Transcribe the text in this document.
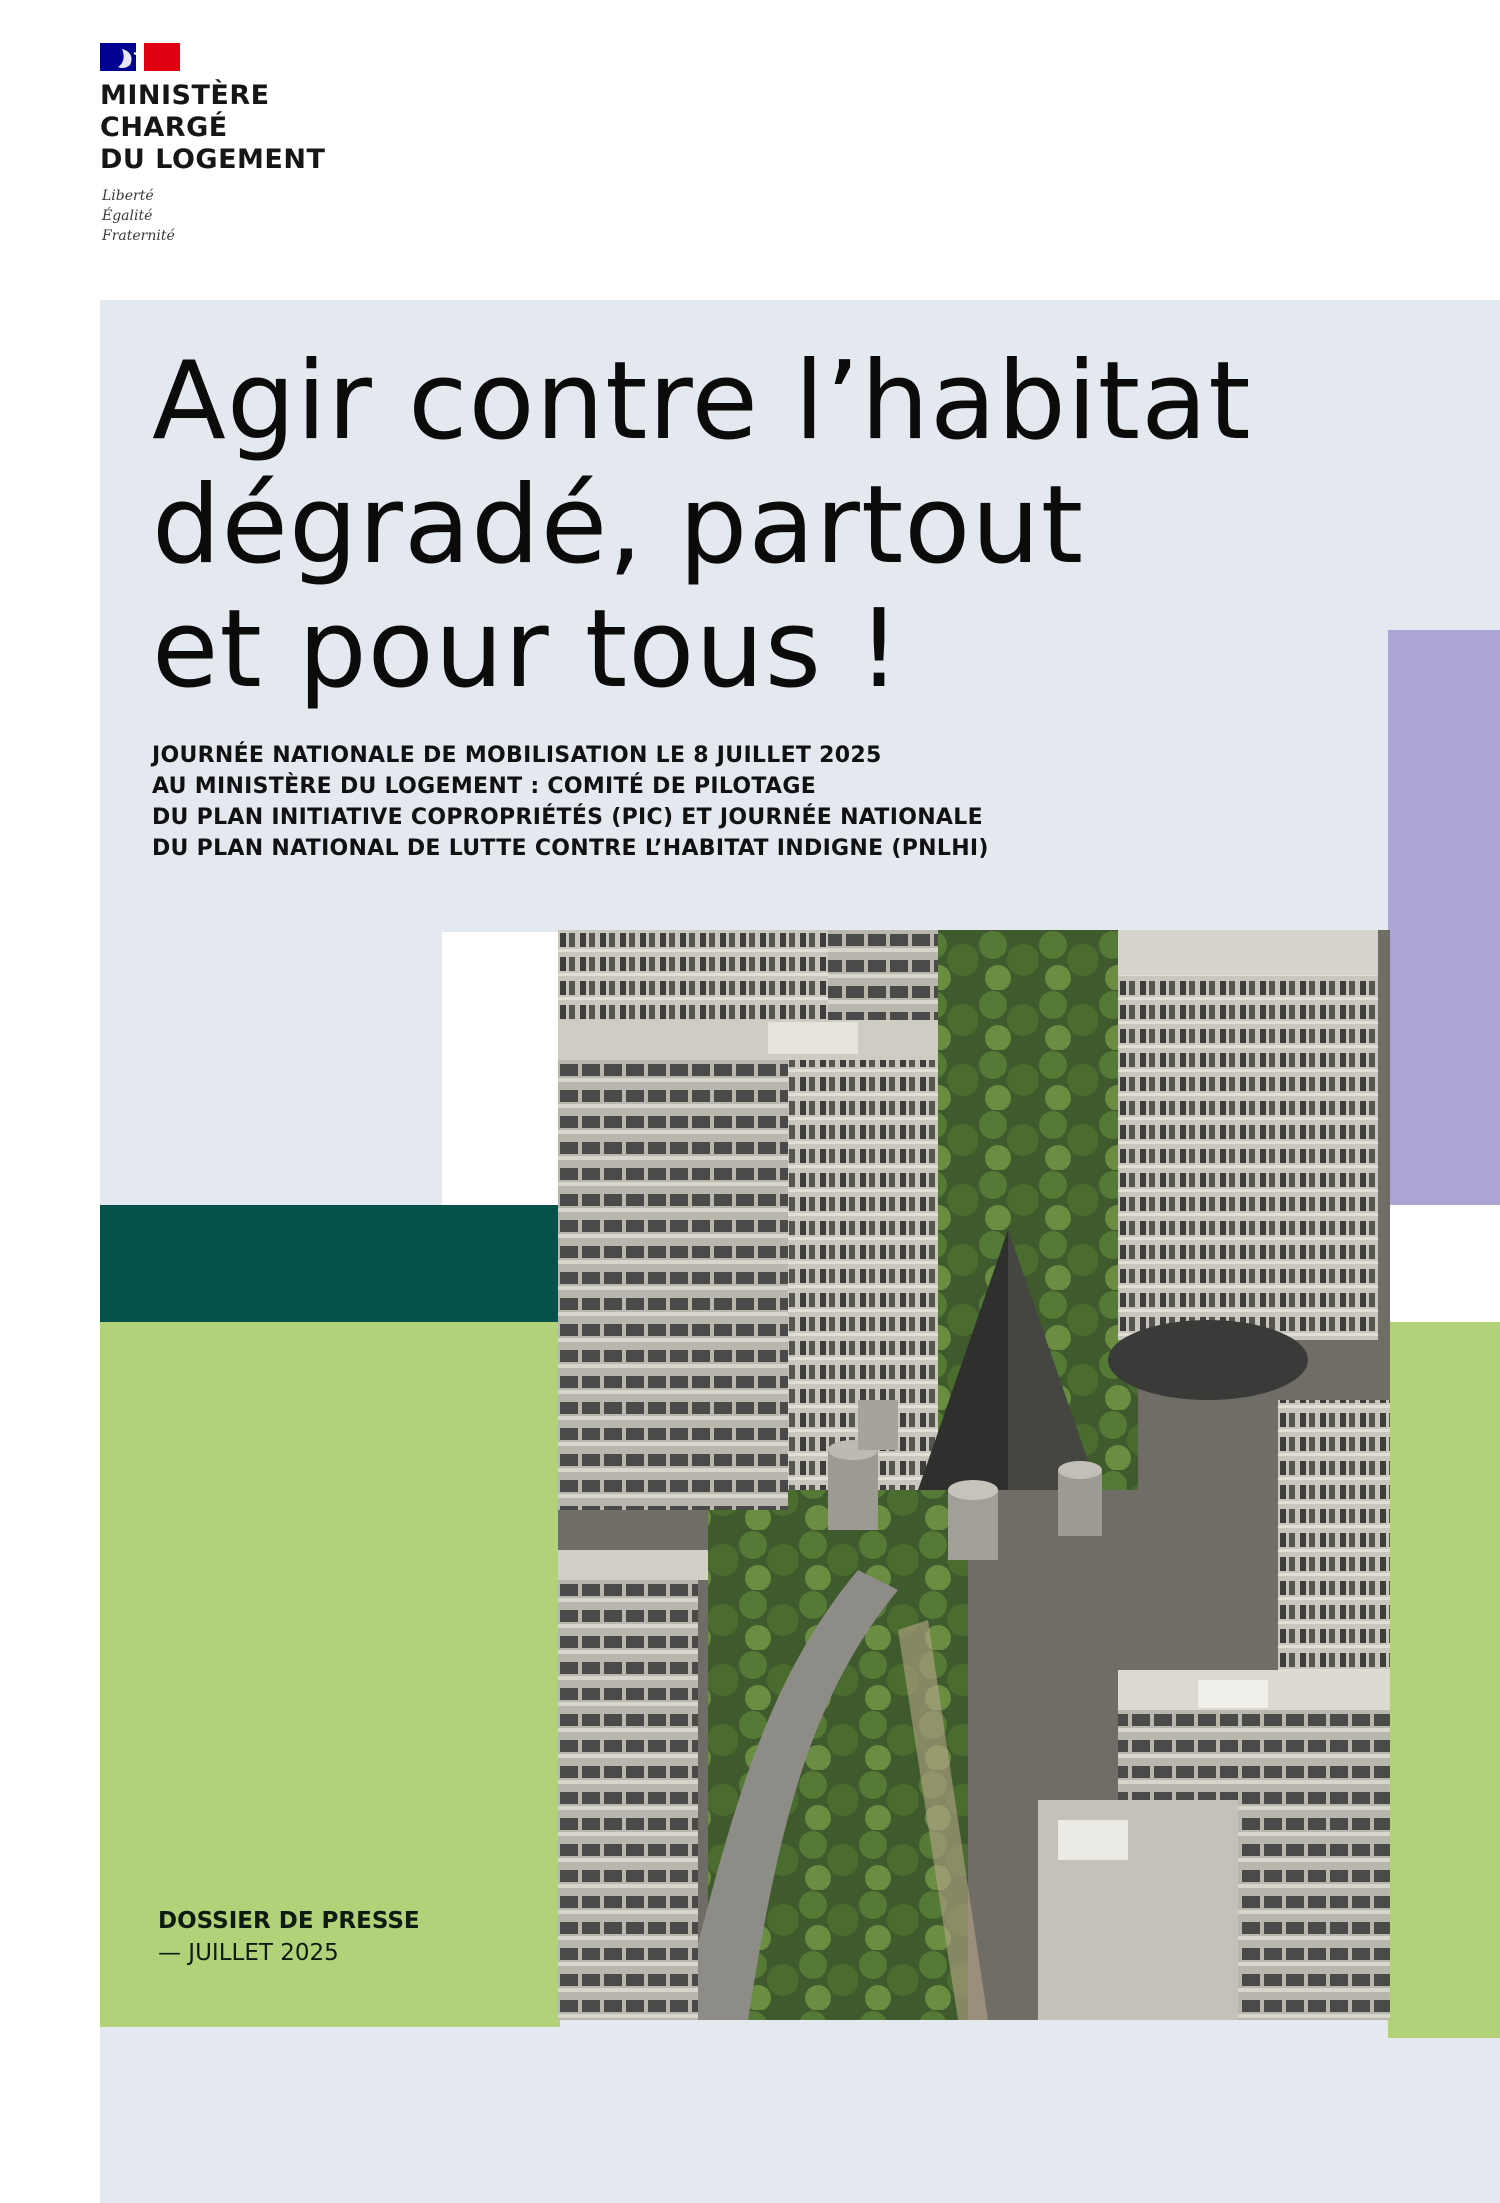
MINISTÈRE
CHARGÉ
DU LOGEMENT
Liberté
Égalité
Fraternité
Agir contre l’habitat
dégradé, partout
et pour tous !
JOURNÉE NATIONALE DE MOBILISATION LE 8 JUILLET 2025
AU MINISTÈRE DU LOGEMENT : COMITÉ DE PILOTAGE
DU PLAN INITIATIVE COPROPRIÉTÉS (PIC) ET JOURNÉE NATIONALE
DU PLAN NATIONAL DE LUTTE CONTRE L’HABITAT INDIGNE (PNLHI)
DOSSIER DE PRESSE
— JUILLET 2025
